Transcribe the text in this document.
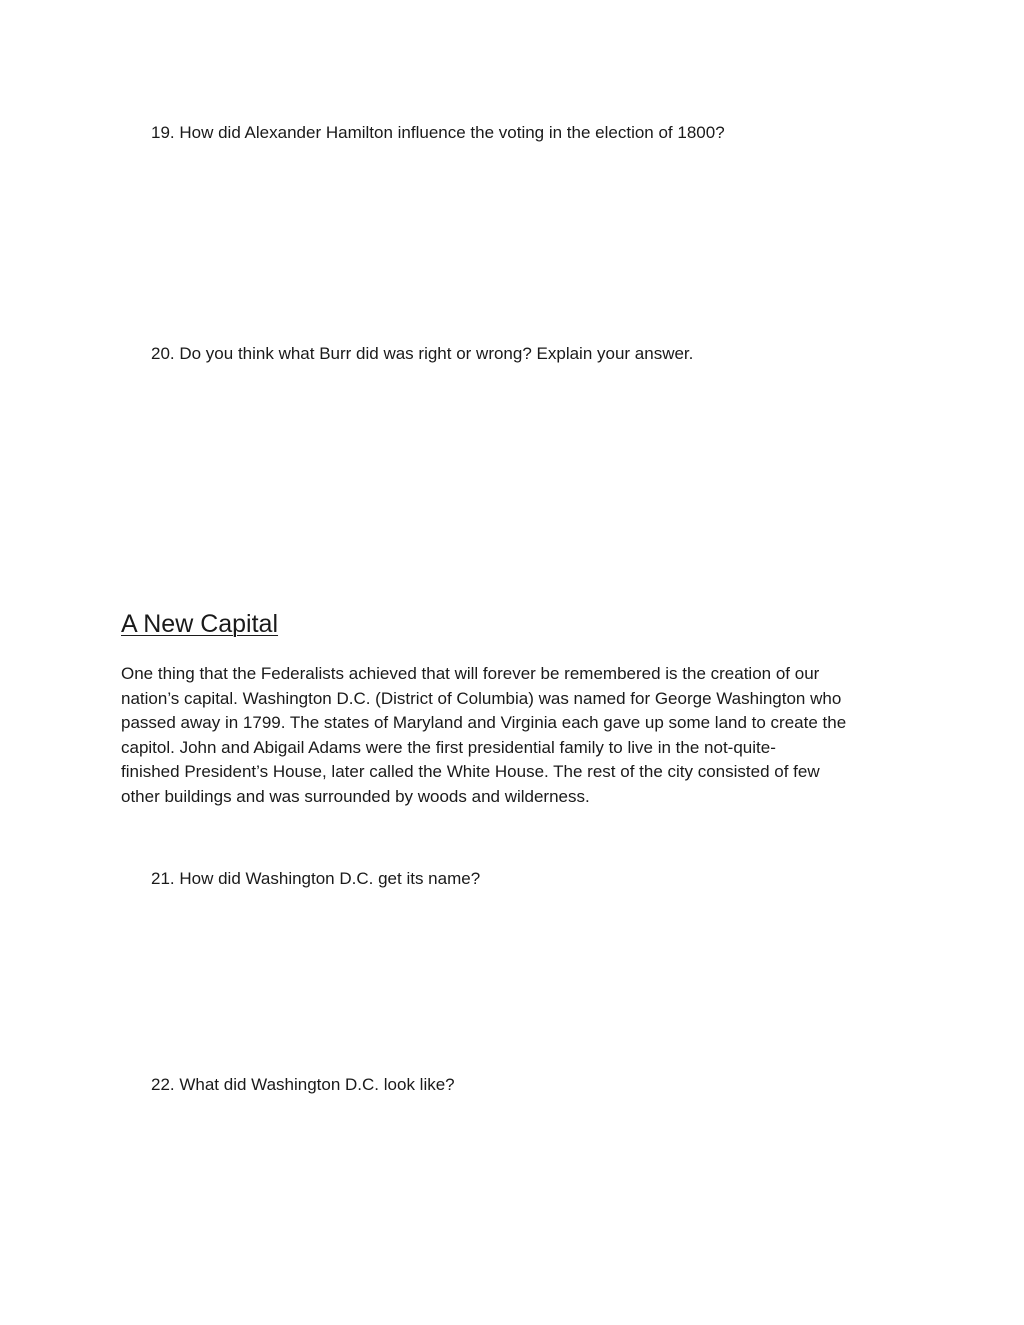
19. How did Alexander Hamilton influence the voting in the election of 1800?
20. Do you think what Burr did was right or wrong? Explain your answer.
A New Capital
One thing that the Federalists achieved that will forever be remembered is the creation of our
nation’s capital. Washington D.C. (District of Columbia) was named for George Washington who
passed away in 1799. The states of Maryland and Virginia each gave up some land to create the
capitol. John and Abigail Adams were the first presidential family to live in the not-quite-
finished President’s House, later called the White House. The rest of the city consisted of few
other buildings and was surrounded by woods and wilderness.
21. How did Washington D.C. get its name?
22. What did Washington D.C. look like?
